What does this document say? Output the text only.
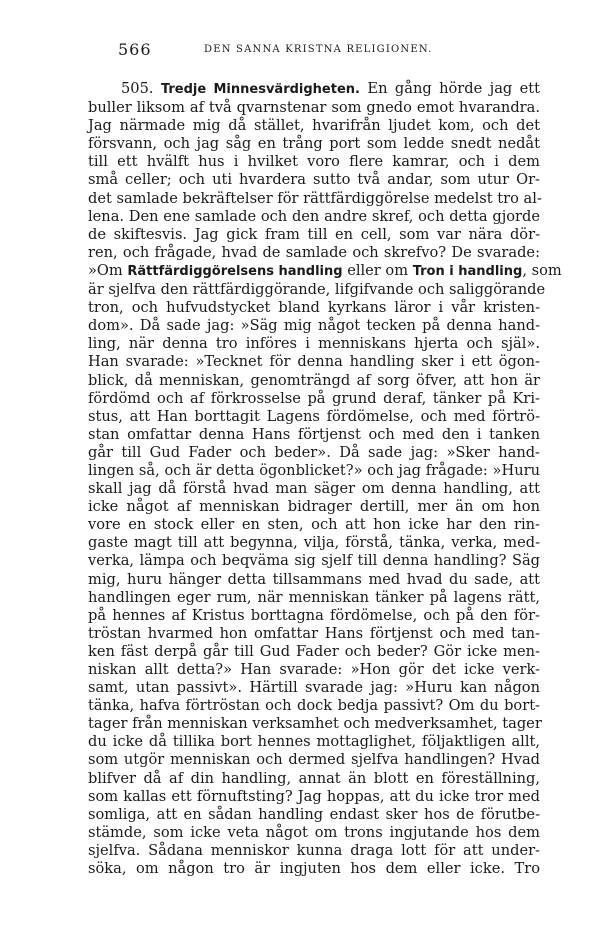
566	DEN SANNA KRISTNA RELIGIONEN.
505. Tredje Minnesvärdigheten. En gång hörde jag ett
buller liksom af två qvarnstenar som gnedo emot hvarandra.
Jag närmade mig då stället, hvarifrån ljudet kom, och det
försvann, och jag såg en trång port som ledde snedt nedåt
till ett hvälft hus i hvilket voro flere kamrar, och i dem
små celler; och uti hvardera sutto två andar, som utur Or-
det samlade bekräftelser för rättfärdiggörelse medelst tro al-
lena. Den ene samlade och den andre skref, och detta gjorde
de skiftesvis. Jag gick fram till en cell, som var nära dör-
ren, och frågade, hvad de samlade och skrefvo? De svarade:
»Om Rättfärdiggörelsens handling eller om Tron i handling, som
är sjelfva den rättfärdiggörande, lifgifvande och saliggörande
tron, och hufvudstycket bland kyrkans läror i vår kristen-
dom». Då sade jag: »Säg mig något tecken på denna hand-
ling, när denna tro införes i menniskans hjerta och själ».
Han svarade: »Tecknet för denna handling sker i ett ögon-
blick, då menniskan, genomträngd af sorg öfver, att hon är
fördömd och af förkrosselse på grund deraf, tänker på Kri-
stus, att Han borttagit Lagens fördömelse, och med förtrö-
stan omfattar denna Hans förtjenst och med den i tanken
går till Gud Fader och beder». Då sade jag: »Sker hand-
lingen så, och är detta ögonblicket?» och jag frågade: »Huru
skall jag då förstå hvad man säger om denna handling, att
icke något af menniskan bidrager dertill, mer än om hon
vore en stock eller en sten, och att hon icke har den rin-
gaste magt till att begynna, vilja, förstå, tänka, verka, med-
verka, lämpa och beqväma sig sjelf till denna handling? Säg
mig, huru hänger detta tillsammans med hvad du sade, att
handlingen eger rum, när menniskan tänker på lagens rätt,
på hennes af Kristus borttagna fördömelse, och på den för-
tröstan hvarmed hon omfattar Hans förtjenst och med tan-
ken fäst derpå går till Gud Fader och beder? Gör icke men-
niskan allt detta?» Han svarade: »Hon gör det icke verk-
samt, utan passivt». Härtill svarade jag: »Huru kan någon
tänka, hafva förtröstan och dock bedja passivt? Om du bort-
tager från menniskan verksamhet och medverksamhet, tager
du icke då tillika bort hennes mottaglighet, följaktligen allt,
som utgör menniskan och dermed sjelfva handlingen? Hvad
blifver då af din handling, annat än blott en föreställning,
som kallas ett förnuftsting? Jag hoppas, att du icke tror med
somliga, att en sådan handling endast sker hos de förutbe-
stämde, som icke veta något om trons ingjutande hos dem
sjelfva. Sådana menniskor kunna draga lott för att under-
söka, om någon tro är ingjuten hos dem eller icke. Tro
